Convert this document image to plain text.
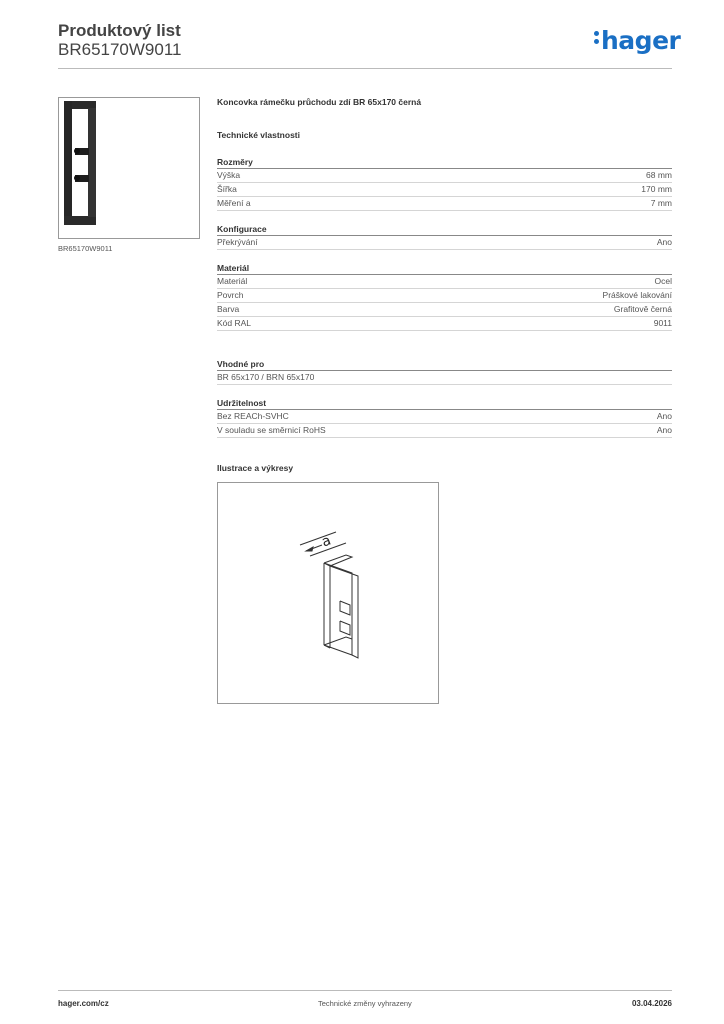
Produktový list
BR65170W9011	hager
BR65170W9011
Koncovka rámečku průchodu zdí BR 65x170 černá
Technické vlastnosti
Rozměry
Výška	68 mm
Šířka	170 mm
Měření a	7 mm
Konfigurace
Překrývání	Ano
Materiál
Materiál	Ocel
Povrch	Práškové lakování
Barva	Grafitově černá
Kód RAL	9011
Vhodné pro
BR 65x170 / BRN 65x170
Udržitelnost
Bez REACh-SVHC	Ano
V souladu se směrnicí RoHS	Ano
Ilustrace a výkresy
a
hager.com/cz	Technické změny vyhrazeny	03.04.2026
